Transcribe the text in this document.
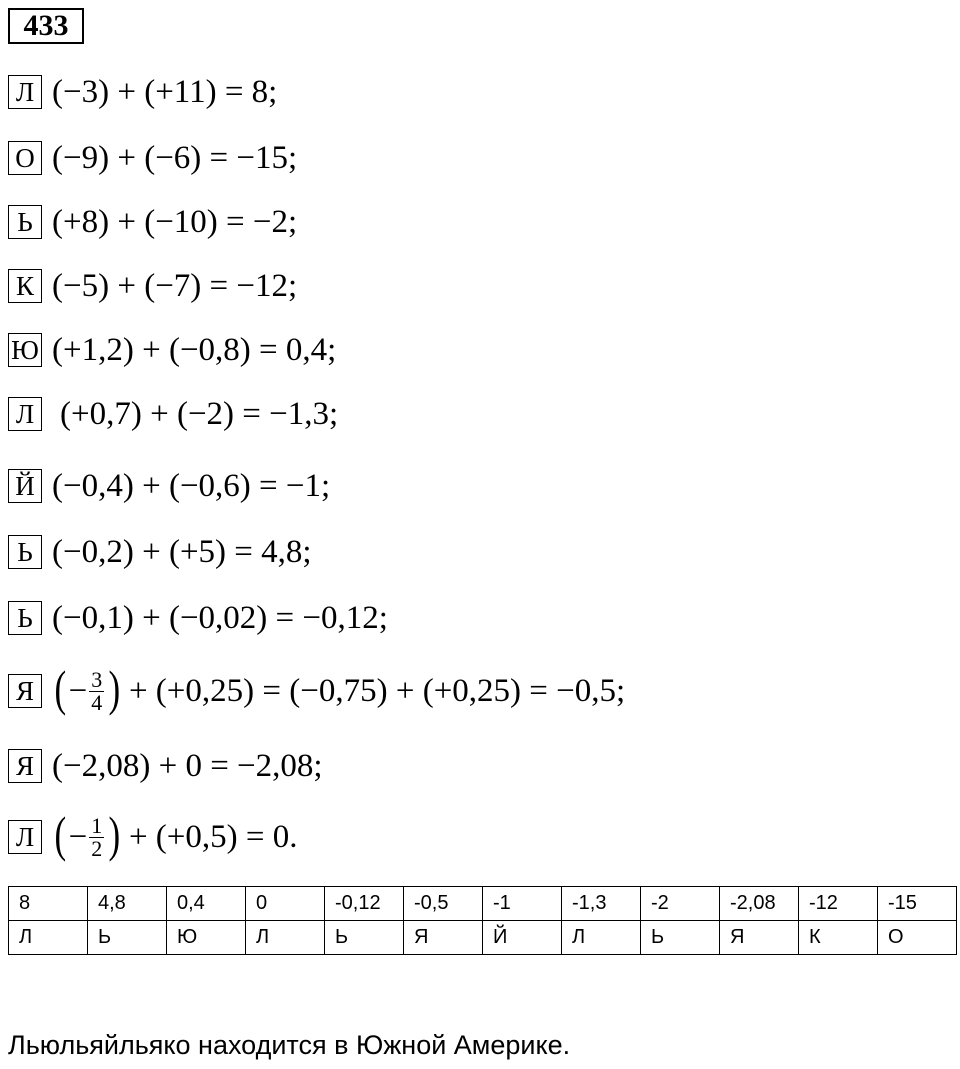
433
Л (−3) + (+11) = 8;
О (−9) + (−6) = −15;
Ь (+8) + (−10) = −2;
К (−5) + (−7) = −12;
Ю (+1,2) + (−0,8) = 0,4;
Л (+0,7) + (−2) = −1,3;
Й (−0,4) + (−0,6) = −1;
Ь (−0,2) + (+5) = 4,8;
Ь (−0,1) + (−0,02) = −0,12;
Я ( − $\frac{3}{4}$ ) + (+0,25) = (−0,75) + (+0,25) = −0,5;
Я (−2,08) + 0 = −2,08;
Л ( − $\frac{1}{2}$ ) + (+0,5) = 0.
8	4,8	0,4	0	-0,12	-0,5	-1	-1,3	-2	-2,08	-12	-15
Л	Ь	Ю	Л	Ь	Я	Й	Л	Ь	Я	К	О
Льюльяйльяко находится в Южной Америке.
